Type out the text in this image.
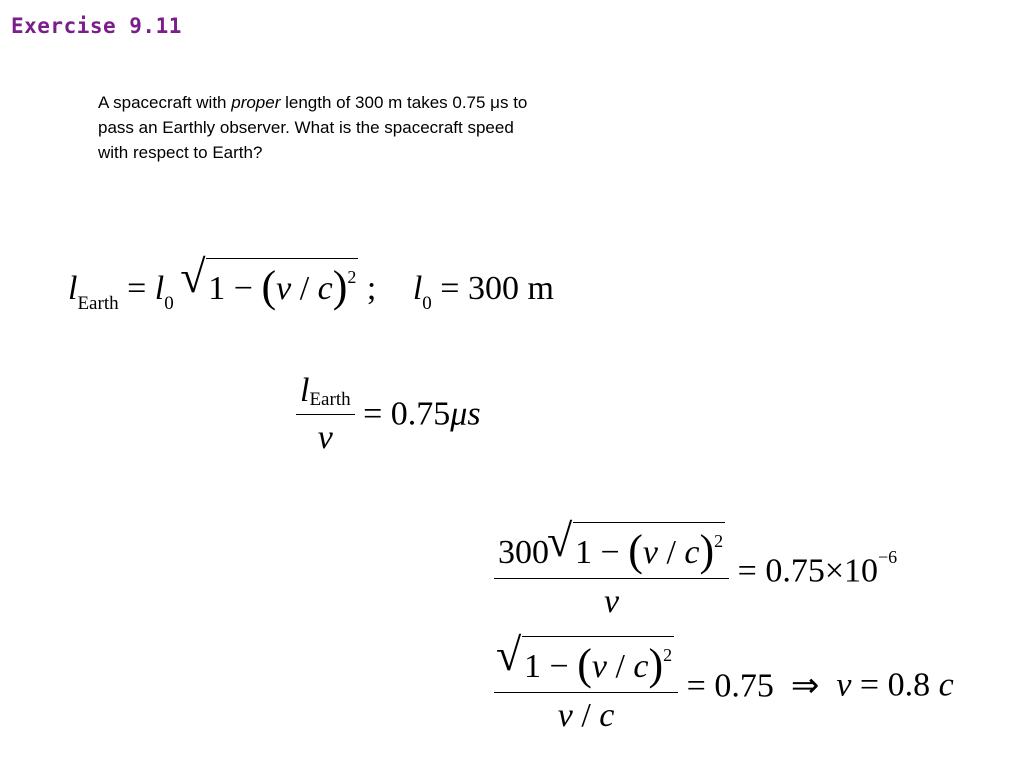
Exercise 9.11
A spacecraft with proper length of 300 m takes 0.75 μs to pass an Earthly observer. What is the spacecraft speed with respect to Earth?
$l_{Earth} = l_0$
√ 1 − (v / c)$^2$ ; $l_0 = 300$ m
$\frac{\text{lEarth}}{v} = 0.75\mu s$
300
√ 1 − (v / c)$^2$
$v = 0.75\times 10^{-6}$
$\frac{√ 1 - (v / c)^2}{v / c} = 0.75$  ⇒  v = 0.8 c
